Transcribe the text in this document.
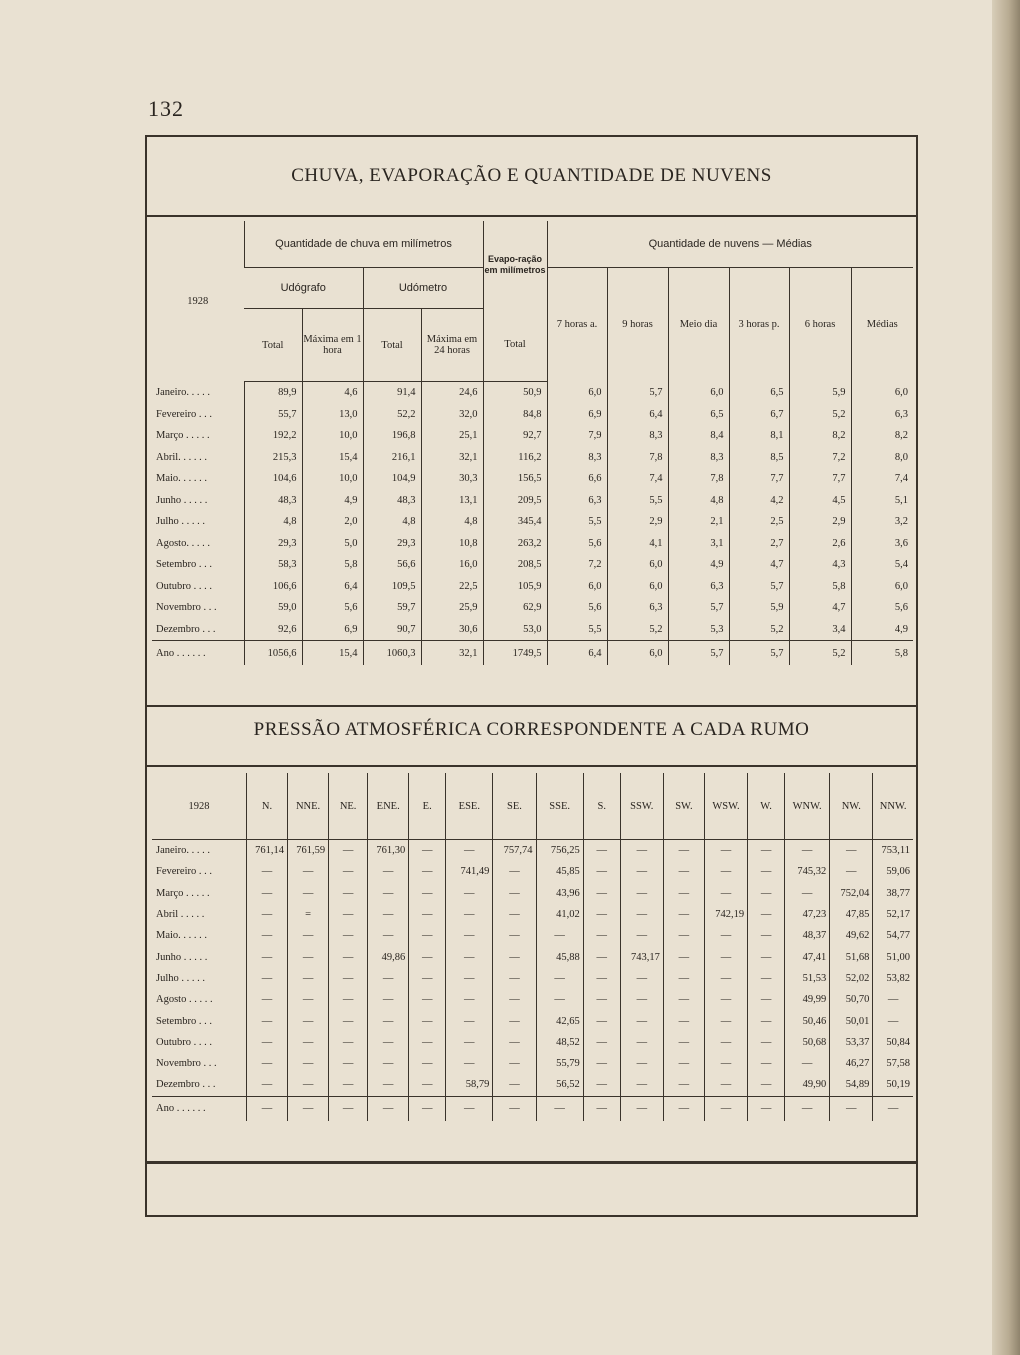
132
CHUVA, EVAPORAÇÃO E QUANTIDADE DE NUVENS
1928	Quantidade de chuva em milímetros				Evapo-ração em milímetros	Quantidade de nuvens — Médias					
	Udógrafo		Udómetro			7 horas a.	9 horas	Meio dia	3 horas p.	6 horas	Médias
	Total	Máxima em 1 hora	Total	Máxima em 24 horas	Total						
Janeiro. . . . .	89,9	4,6	91,4	24,6	50,9	6,0	5,7	6,0	6,5	5,9	6,0
Fevereiro . . .	55,7	13,0	52,2	32,0	84,8	6,9	6,4	6,5	6,7	5,2	6,3
Março . . . . .	192,2	10,0	196,8	25,1	92,7	7,9	8,3	8,4	8,1	8,2	8,2
Abril. . . . . .	215,3	15,4	216,1	32,1	116,2	8,3	7,8	8,3	8,5	7,2	8,0
Maio. . . . . .	104,6	10,0	104,9	30,3	156,5	6,6	7,4	7,8	7,7	7,7	7,4
Junho . . . . .	48,3	4,9	48,3	13,1	209,5	6,3	5,5	4,8	4,2	4,5	5,1
Julho . . . . .	4,8	2,0	4,8	4,8	345,4	5,5	2,9	2,1	2,5	2,9	3,2
Agosto. . . . .	29,3	5,0	29,3	10,8	263,2	5,6	4,1	3,1	2,7	2,6	3,6
Setembro . . .	58,3	5,8	56,6	16,0	208,5	7,2	6,0	4,9	4,7	4,3	5,4
Outubro . . . .	106,6	6,4	109,5	22,5	105,9	6,0	6,0	6,3	5,7	5,8	6,0
Novembro . . .	59,0	5,6	59,7	25,9	62,9	5,6	6,3	5,7	5,9	4,7	5,6
Dezembro . . .	92,6	6,9	90,7	30,6	53,0	5,5	5,2	5,3	5,2	3,4	4,9
Ano . . . . . .	1056,6	15,4	1060,3	32,1	1749,5	6,4	6,0	5,7	5,7	5,2	5,8
PRESSÃO ATMOSFÉRICA CORRESPONDENTE A CADA RUMO
1928	N.	NNE.	NE.	ENE.	E.	ESE.	SE.	SSE.	S.	SSW.	SW.	WSW.	W.	WNW.	NW.	NNW.
Janeiro. . . . .	761,14	761,59	—	761,30	—	—	757,74	756,25	—	—	—	—	—	—	—	753,11
Fevereiro . . .	—	—	—	—	—	741,49	—	45,85	—	—	—	—	—	745,32	—	59,06
Março . . . . .	—	—	—	—	—	—	—	43,96	—	—	—	—	—	—	752,04	38,77
Abril . . . . .	—	=	—	—	—	—	—	41,02	—	—	—	742,19	—	47,23	47,85	52,17
Maio. . . . . .	—	—	—	—	—	—	—	—	—	—	—	—	—	48,37	49,62	54,77
Junho . . . . .	—	—	—	49,86	—	—	—	45,88	—	743,17	—	—	—	47,41	51,68	51,00
Julho . . . . .	—	—	—	—	—	—	—	—	—	—	—	—	—	51,53	52,02	53,82
Agosto . . . . .	—	—	—	—	—	—	—	—	—	—	—	—	—	49,99	50,70	—
Setembro . . .	—	—	—	—	—	—	—	42,65	—	—	—	—	—	50,46	50,01	—
Outubro . . . .	—	—	—	—	—	—	—	48,52	—	—	—	—	—	50,68	53,37	50,84
Novembro . . .	—	—	—	—	—	—	—	55,79	—	—	—	—	—	—	46,27	57,58
Dezembro . . .	—	—	—	—	—	58,79	—	56,52	—	—	—	—	—	49,90	54,89	50,19
Ano . . . . . .	—	—	—	—	—	—	—	—	—	—	—	—	—	—	—	—
